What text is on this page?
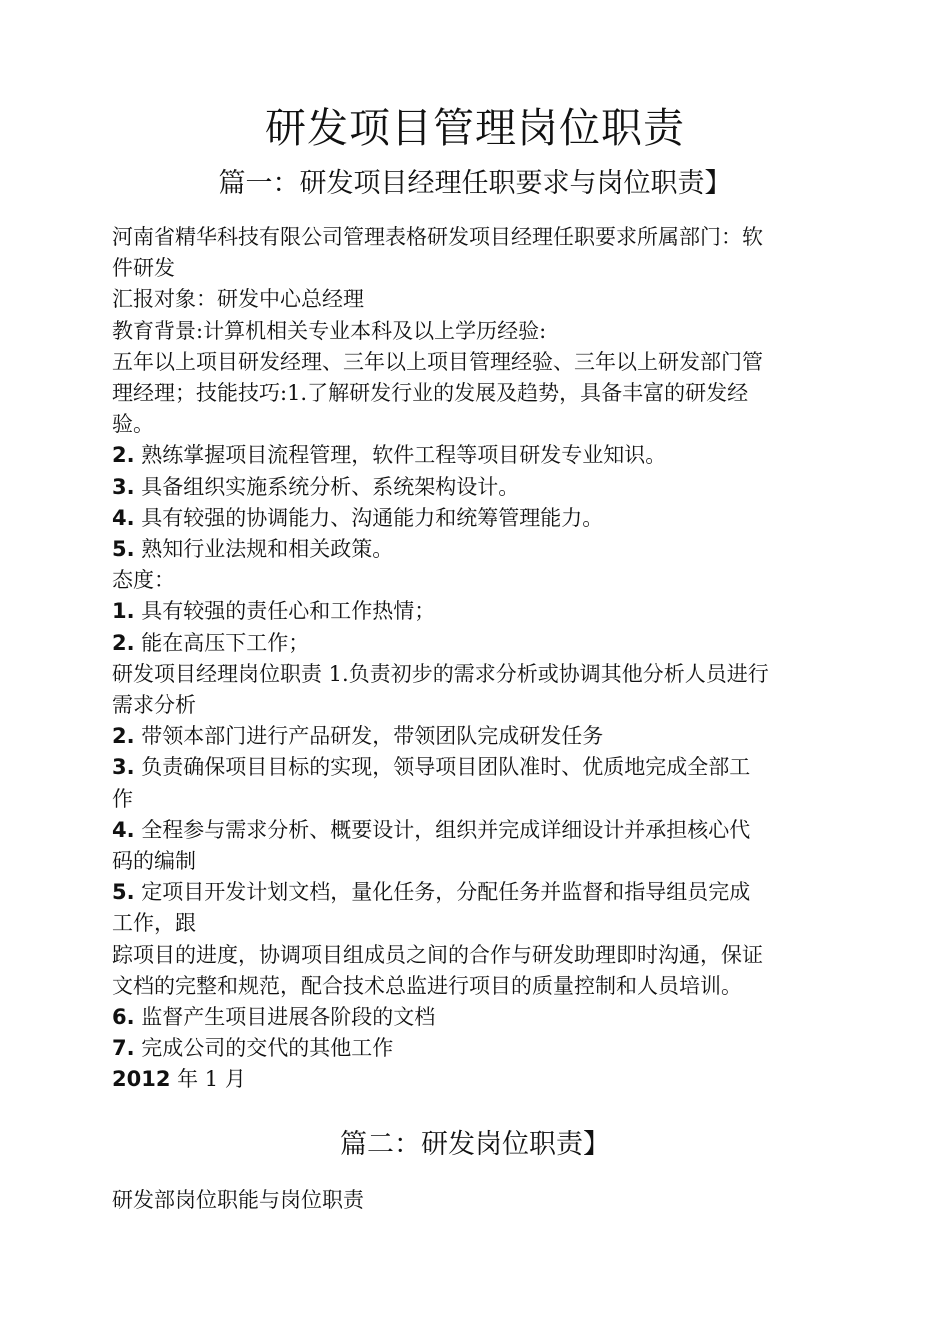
研发项目管理岗位职责
篇一：研发项目经理任职要求与岗位职责】
河南省精华科技有限公司管理表格研发项目经理任职要求所属部门：软
件研发
汇报对象：研发中心总经理
教育背景:计算机相关专业本科及以上学历经验:
五年以上项目研发经理、三年以上项目管理经验、三年以上研发部门管
理经理；技能技巧:1.了解研发行业的发展及趋势，具备丰富的研发经
验。
2. 熟练掌握项目流程管理，软件工程等项目研发专业知识。
3. 具备组织实施系统分析、系统架构设计。
4. 具有较强的协调能力、沟通能力和统筹管理能力。
5. 熟知行业法规和相关政策。
态度：
1. 具有较强的责任心和工作热情；
2. 能在高压下工作；
研发项目经理岗位职责 1.负责初步的需求分析或协调其他分析人员进行
需求分析
2. 带领本部门进行产品研发，带领团队完成研发任务
3. 负责确保项目目标的实现，领导项目团队准时、优质地完成全部工
作
4. 全程参与需求分析、概要设计，组织并完成详细设计并承担核心代
码的编制
5. 定项目开发计划文档，量化任务，分配任务并监督和指导组员完成
工作，跟
踪项目的进度，协调项目组成员之间的合作与研发助理即时沟通，保证
文档的完整和规范，配合技术总监进行项目的质量控制和人员培训。
6. 监督产生项目进展各阶段的文档
7. 完成公司的交代的其他工作
2012 年 1 月
篇二：研发岗位职责】

研发部岗位职能与岗位职责
